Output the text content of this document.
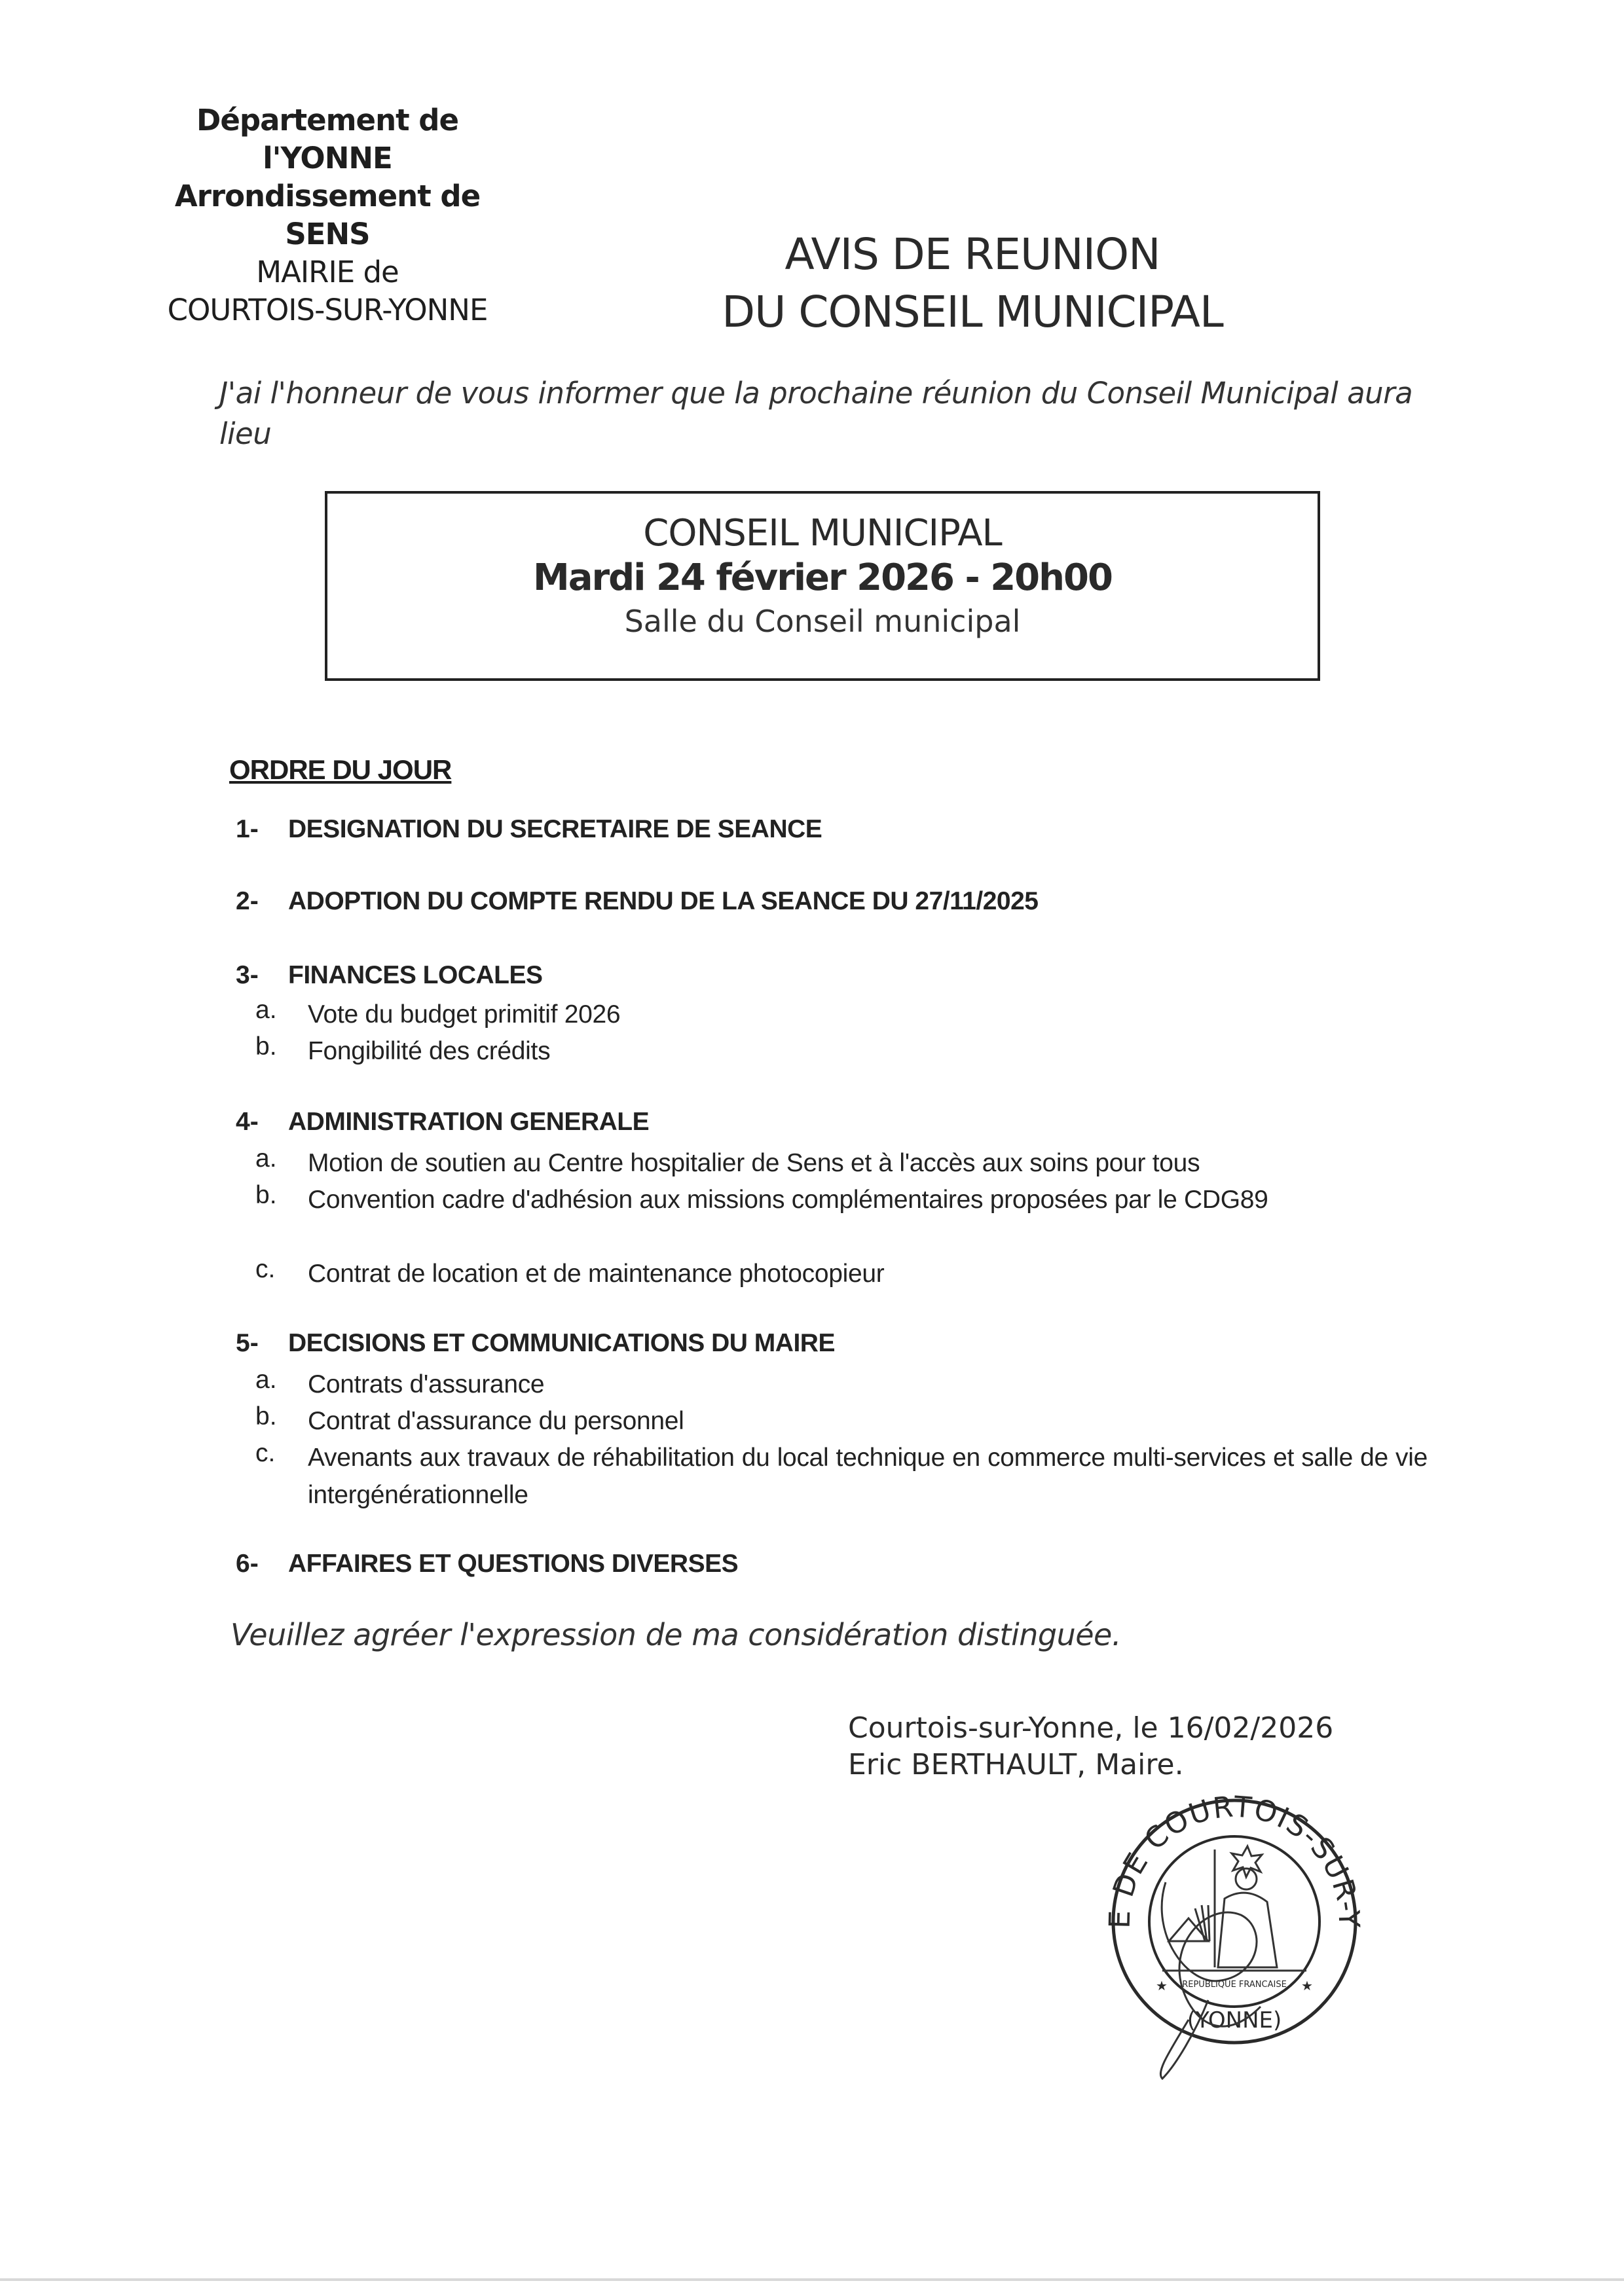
Département de l'YONNE
Arrondissement de SENS
MAIRIE de
COURTOIS-SUR-YONNE
AVIS DE REUNION
DU CONSEIL MUNICIPAL
J'ai l'honneur de vous informer que la prochaine réunion du Conseil Municipal aura lieu
CONSEIL MUNICIPAL
Mardi 24 février 2026 - 20h00
Salle du Conseil municipal
ORDRE DU JOUR
1- DESIGNATION DU SECRETAIRE DE SEANCE
2- ADOPTION DU COMPTE RENDU DE LA SEANCE DU 27/11/2025
3- FINANCES LOCALES
a. Vote du budget primitif 2026
b. Fongibilité des crédits
4- ADMINISTRATION GENERALE
a. Motion de soutien au Centre hospitalier de Sens et à l'accès aux soins pour tous
b. Convention cadre d'adhésion aux missions complémentaires proposées par le CDG89
c. Contrat de location et de maintenance photocopieur
5- DECISIONS ET COMMUNICATIONS DU MAIRE
a. Contrats d'assurance
b. Contrat d'assurance du personnel
c. Avenants aux travaux de réhabilitation du local technique en commerce multi-services et salle de vie intergénérationnelle
6- AFFAIRES ET QUESTIONS DIVERSES
Veuillez agréer l'expression de ma considération distinguée.
Courtois-sur-Yonne, le 16/02/2026
Eric BERTHAULT, Maire.
E DE COURTOIS-SUR-Y
(YONNE)
REPUBLIQUE FRANCAISE
★	★
